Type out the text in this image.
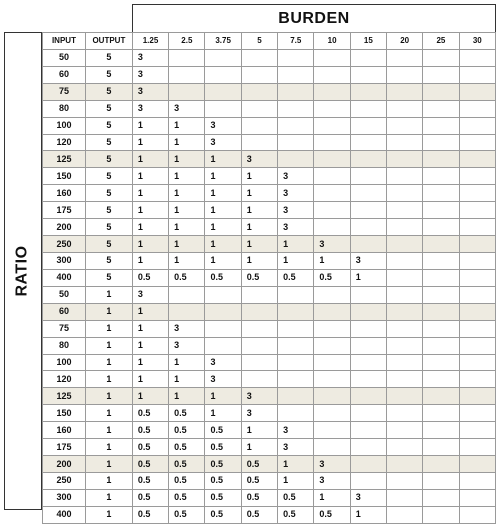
BURDEN
RATIO
INPUT	OUTPUT	1.25	2.5	3.75	5	7.5	10	15	20	25	30
50	5	3									
60	5	3									
75	5	3									
80	5	3	3								
100	5	1	1	3							
120	5	1	1	3							
125	5	1	1	1	3						
150	5	1	1	1	1	3					
160	5	1	1	1	1	3					
175	5	1	1	1	1	3					
200	5	1	1	1	1	3					
250	5	1	1	1	1	1	3				
300	5	1	1	1	1	1	1	3			
400	5	0.5	0.5	0.5	0.5	0.5	0.5	1			
50	1	3									
60	1	1									
75	1	1	3								
80	1	1	3								
100	1	1	1	3							
120	1	1	1	3							
125	1	1	1	1	3						
150	1	0.5	0.5	1	3						
160	1	0.5	0.5	0.5	1	3					
175	1	0.5	0.5	0.5	1	3					
200	1	0.5	0.5	0.5	0.5	1	3				
250	1	0.5	0.5	0.5	0.5	1	3				
300	1	0.5	0.5	0.5	0.5	0.5	1	3			
400	1	0.5	0.5	0.5	0.5	0.5	0.5	1			
